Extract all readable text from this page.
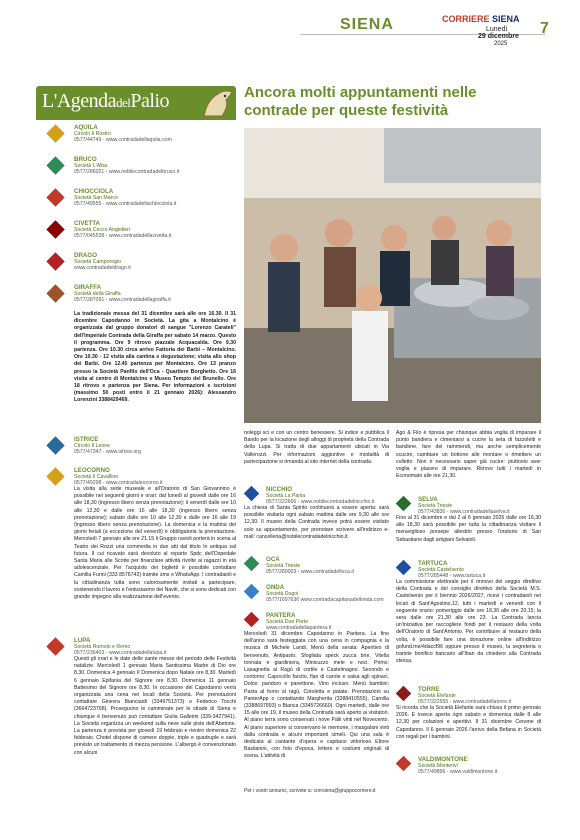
SIENA	CORRIERE SIENA
Lunedì
29 dicembre
2025
7
L'AgendadelPalio	Ancora molti appuntamenti nelle contrade per queste festività
AQUILA
Circolo Il Rostro
0577/44749 - www.contradadellaquila.com
BRUCO
Società L'Alba
0577/286021 - www.nobilecontradadelbruco.it
CHIOCCIOLA
Società San Marco
0577/49555 - www.contradadellachiocciola.it
CIVETTA
Società Cecco Angiolieri
0577/045538 - www.contradadellacivetta.it
DRAGO
Società Camporegio
www.contradadeldrago.it
GIRAFFA
Società della Giraffa
0577/287091 - www.contradadellagiraffa.it
La tradizionale messa del 31 dicembre sarà alle ore 16.30. Il 31 dicembre Capodanno in Società. La gita a Montalcino è organizzata dal gruppo donatori di sangue "Lorenzo Carateli" dell'Imperiale Contrada della Giraffa per sabato 14 marzo. Questo il programma. Ore 9 ritrovo piazzale Acquacalda. Ore 9.30 partenza. Ore 10.30 circa arrivo Fattoria dei Barbi – Montalcino. Ore 10.30 - 12 visita alla cantina e degustazione; visita allo shop dei Barbi. Ore 12.45 partenza per Montalcino. Ore 13 pranzo presso la Società Panfilo dell'Oca - Quartiere Borghetto. Ore 16 visita al centro di Montalcino e Museo Tempio del Brunello. Ore 18 ritrovo e partenza per Siena. Per informazioni e iscrizioni (massimo 50 posti entro il 21 gennaio 2026): Alessandro Lorenzini 3388429469.
ISTRICE
Circolo Il Leone
0577/47347 - www.istrice.org
LEOCORNO
Società Il Cavallino
0577/49298 - www.contradaleocorno.it
La visita alla sede museale e all'Oratorio di San Giovannino è possibile nei seguenti giorni e orari: dal lunedì al giovedì dalle ore 16 alle 18,30 (ingresso libero senza prenotazione); il venerdì dalle ore 10 alle 12,30 e dalle ore 16 alle 18,30 (ingresso libero senza prenotazione); sabato dalle ore 10 alle 12,30 e dalle ore 16 alle 19 (ingresso libero senza prenotazione). La domenica e la mattina dei giorni feriali (a eccezione del venerdì) è obbligatoria la prenotazione. Mercoledì 7 gennaio alle ore 21.15 il Gruppo ravioli porterà in scena al Teatro dei Rozzi una commedia in due atti dal titolo In antiqua sal futura. Il cui ricavato sarà devoluto al reparto Spdc dell'Ospedale Santa Maria alle Scotte per finanziare attività rivolte ai ragazzi in età adolescenziale. Per l'acquisto dei biglietti è possibile contattare Camilla Furini (333 8576742) tramite sms o WhatsApp. I contradaioli e la cittadinanza tutta sono calorosamente invitati a partecipare, sostenendo il lavoro e l'entusiasmo dei Naviti, che si sono dedicati con grande impegno alla realizzazione dell'evento.
LUPA
Società Romolo e Remo
0577/236403 - www.contradadellalupa.it
Questi gli orari e le date delle sante messe del periodo delle Festività natalizie. Mercoledì 1 gennaio Maria Santissima Madre di Dio ore 8,30. Domenica 4 gennaio II Domenica dopo Natale ore 8,30. Martedì 6 gennaio Epifania del Signore ore 8,30. Domenica 11 gennaio Battesimo del Signore ore 8,30. In occasione del Capodanno verrà organizzata una cena nei locali della Società. Per prenotazioni contattare Ginevra Bianciardi (3349751373) o Federico Tocchi (3664723798). Proseguono le camminate per le strade di Siena e chiunque è benvenuto può contattare Giulia Galleimi (339-3427941). La Società organizza un weekend sulla neve sulle piste dell'Abetone. La partenza è prevista per giovedì 19 febbraio e rientro domenica 22 febbraio. Chotel dispone di camere doppie, triple e quadruple e sarà previsto un trattamento di mezza pensione. L'albergo è convenzionato con alcuni
noleggi sci e con un centro benessere. Si indice e pubblica il Bando per la locazione degli alloggi di proprietà della Contrada della Lupa. Si tratta di due appartamenti ubicati in Via Vallerozzi. Per informazioni aggiuntive e modalità di partecipazione si rimanda al sito internet della contrada.
NICCHIO
Società La Pania
0577/222666 - www.nobilecontradadelnicchio.it
La chiesa di Santa Spirito continuerà a essere aperta: sarà possibile visitarla ogni sabato mattina dalle ore 9,30 alle ore 12,30. Il museo della Contrada invece potrà essere visitato solo su appuntamento, per prenotare scrivere all'indirizzo e-mail: cancelleria@nobilecontradadelnicchio.it.
OCA
Società Trieste
0577/280003 - www.contradadelloca.it
ONDA
Società Dugoi
0577/1697636 www.contradacapitanadellonda.com
PANTERA
Società Due Porte
www.contradadellapantera.it
Mercoledì 31 dicembre Capodanno in Pantera. La fine dell'anno sarà festeggiata con una cena in compagnia e la musica di Michele Landi. Menù della serata: Aperitivo di benvenuto, Antipasto, Sfogliata speck zucca brie, Vitella tonnata e giardiniera, Minicuzzo mele e noci. Primo: Lasagnetta al Ragù di cortile e Castelmagno. Secondo e contorno: Capocollo farcito, flan di carote e salsa agli spinaci. Dolce: pandoro e panettone. Vino incluso. Menù bambini: Pasta al forno al ragù, Cotoletta e patate. Prenotazioni su PanterApp o contattando Margherita (3388410555), Camilla (3388697893) o Bianca (3345726660). Ogni martedì, dalle ore 15 alle ore 19, il museo della Contrada sarà aperto ai visitatori. Al piano terra sono conservati i nove Palii vinti nel Novecento. Al piano superiore si conservano le memorie, i masgalani vinti dalla contrada e alcuni importanti cimeli. Qui una sala è dedicata al cantante d'opera e capitano vittorioso Ettore Bastianini, con foto d'epoca, lettere e costumi originali di scena. L'attività di
Ago & Filo è ripresa per chiunque abbia voglia di imparare il punto bandiera e cimentarsi a cucire la seta di fazzoletti e bandiere, fare dei rammendi, ma anche semplicemente scucire, cambiare un bottone alle montare o rimettere un colletto. Non è necessario saper già cucire: piuttosto aver voglia e piacere di imparare. Ritrovo tutti i martedì in Economato alle ore 21,30.
SELVA
Società Trieste
0577/43830 - www.contradadellaselva.it
Fino al 31 dicembre e dal 2 al 6 gennaio 2026 dalle ore 16,30 alle 18,30 sarà possibile per tutta la cittadinanza visitare il meraviglioso presepe allestito presso l'oratorio di San Sebastiano dagli artigiani Selvaioli.
TARTUCA
Società Castelsenio
0577/285448 - www.tartuca.it
La commissione elettorale per il rinnovo del seggio direttivo della Contrada e del consiglio direttivo della Società M.S. Castelsenio per il biennio 2026/2027, ricevi i contradaioli nei locali di Sant'Agostino,12, tutti i martedì e venerdì con il seguente orario: pomeriggio dalle ore 18,30 alle ore 20,15; la sera dalle ore 21,30 alle ore 23. La Contrada lancia un'iniziativa per raccogliere fondi per il restauro della volta dell'Oratorio di Sant'Antonio. Per contribuire al restauro della volta, è possibile fare una donazione online all'indirizzo gofund.me/4daccf96 oppure presso il museo, la segreteria o tramite bonifico bancario all'Iban da chiedere alla Contrada stessa.
TORRE
Società Elefante
0577/222555 - www.contradadellatorre.it
Si ricorda che la Società Elefante sarà chiusa il primo gennaio 2026. E invece aperta ogni sabato e domenica dalle 8 alle 12,30 per colazioni e aperitivi. Il 31 dicembre Cenone di Capodanno. Il 6 gennaio 2026 l'arrivo della Befana in Società con regali per i bambini.
VALDIMONTONE
Società Monterivi
0577/49896 - www.valdimontone.it
Per i vostri annunci, scrivete a: corrsiena@gruppocorriere.it
